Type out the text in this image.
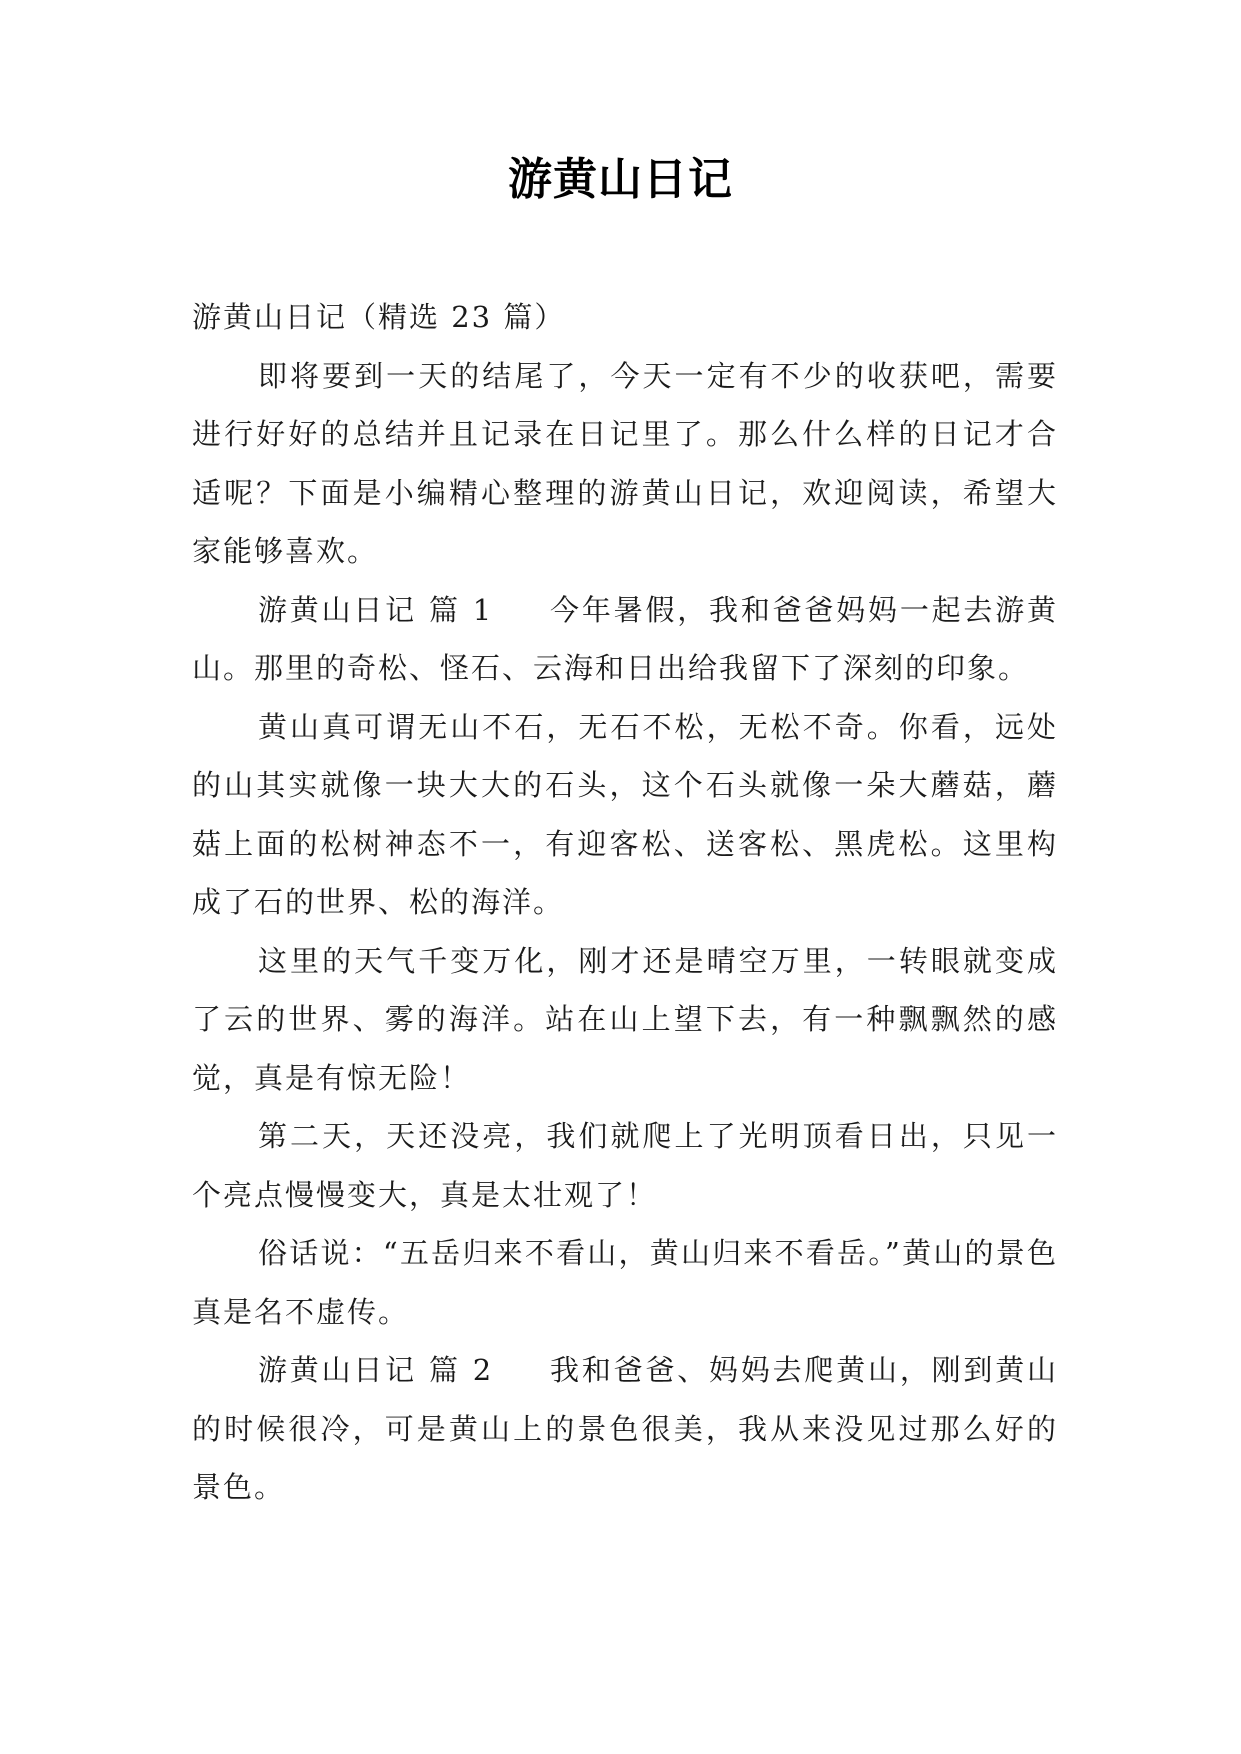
游黄山日记

游黄山日记（精选 23 篇）

即将要到一天的结尾了，今天一定有不少的收获吧，需要进行好好的总结并且记录在日记里了。那么什么样的日记才合适呢？下面是小编精心整理的游黄山日记，欢迎阅读，希望大家能够喜欢。

游黄山日记 篇 1 今年暑假，我和爸爸妈妈一起去游黄山。那里的奇松、怪石、云海和日出给我留下了深刻的印象。

黄山真可谓无山不石，无石不松，无松不奇。你看，远处的山其实就像一块大大的石头，这个石头就像一朵大蘑菇，蘑菇上面的松树神态不一，有迎客松、送客松、黑虎松。这里构成了石的世界、松的海洋。

这里的天气千变万化，刚才还是晴空万里，一转眼就变成了云的世界、雾的海洋。站在山上望下去，有一种飘飘然的感觉，真是有惊无险！

第二天，天还没亮，我们就爬上了光明顶看日出，只见一个亮点慢慢变大，真是太壮观了！

俗话说：“五岳归来不看山，黄山归来不看岳。”黄山的景色真是名不虚传。

游黄山日记 篇 2 我和爸爸、妈妈去爬黄山，刚到黄山的时候很冷，可是黄山上的景色很美，我从来没见过那么好的景色。
